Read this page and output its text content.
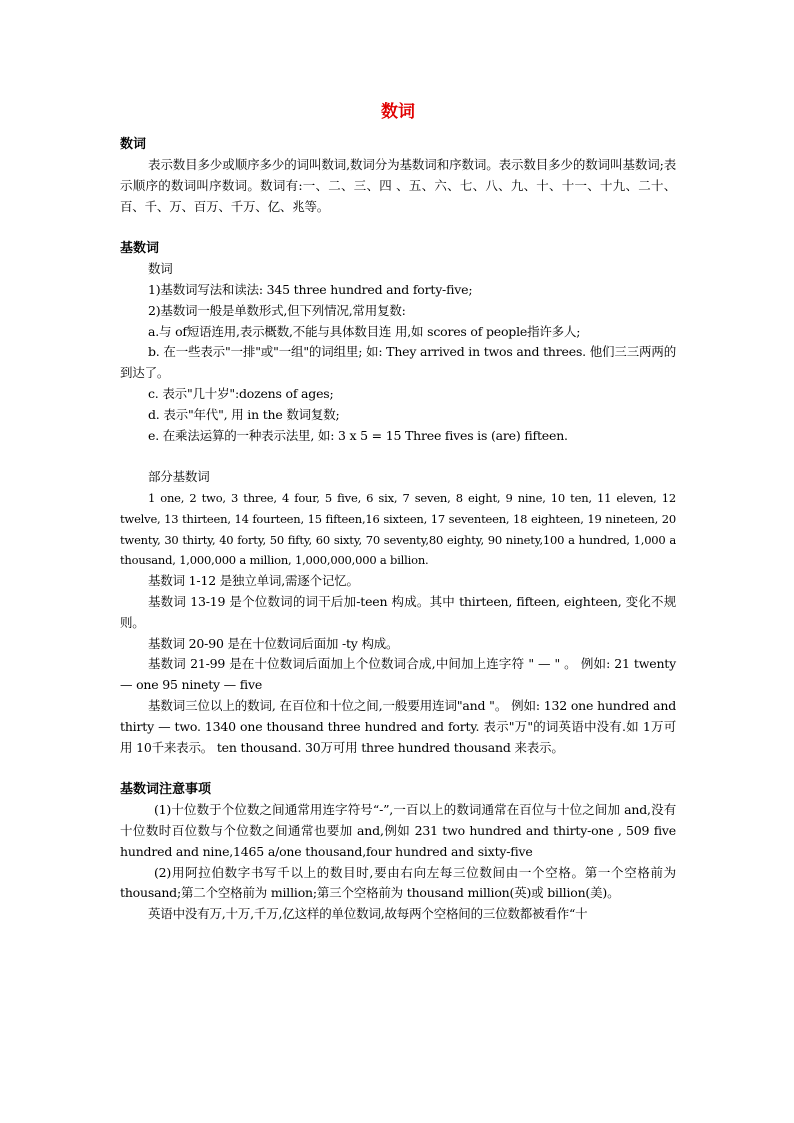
数词
数词

表示数目多少或顺序多少的词叫数词,数词分为基数词和序数词。表示数目多少的数词叫基数词;表示顺序的数词叫序数词。数词有:一、二、三、四 、五、六、七、八、九、十、十一、十九、二十、百、千、万、百万、千万、亿、兆等。

基数词

数词

1)基数词写法和读法: 345 three hundred and forty-five;

2)基数词一般是单数形式,但下列情况,常用复数:

a.与 of短语连用,表示概数,不能与具体数目连 用,如 scores of people指许多人;

b. 在一些表示"一排"或"一组"的词组里; 如: They arrived in twos and threes. 他们三三两两的到达了。

c. 表示"几十岁":dozens of ages;

d. 表示"年代", 用 in the 数词复数;

e. 在乘法运算的一种表示法里, 如: 3 x 5 = 15 Three fives is (are) fifteen.

部分基数词

1 one, 2 two, 3 three, 4 four, 5 five, 6 six, 7 seven, 8 eight, 9 nine, 10 ten, 11 eleven, 12 twelve, 13 thirteen, 14 fourteen, 15 fifteen,16 sixteen, 17 seventeen, 18 eighteen, 19 nineteen, 20 twenty, 30 thirty, 40 forty, 50 fifty, 60 sixty, 70 seventy,80 eighty, 90 ninety,100 a hundred, 1,000 a thousand, 1,000,000 a million, 1,000,000,000 a billion.

基数词 1-12 是独立单词,需逐个记忆。

基数词 13-19 是个位数词的词干后加-teen 构成。其中 thirteen, fifteen, eighteen, 变化不规则。

基数词 20-90 是在十位数词后面加 -ty 构成。

基数词 21-99 是在十位数词后面加上个位数词合成,中间加上连字符 " — " 。 例如: 21 twenty — one 95 ninety — five

基数词三位以上的数词, 在百位和十位之间,一般要用连词"and "。 例如: 132 one hundred and thirty — two. 1340 one thousand three hundred and forty. 表示"万"的词英语中没有.如 1万可用 10千来表示。 ten thousand. 30万可用 three hundred thousand 来表示。

基数词注意事项

(1)十位数于个位数之间通常用连字符号“-”,一百以上的数词通常在百位与十位之间加 and,没有十位数时百位数与个位数之间通常也要加 and,例如 231 two hundred and thirty-one , 509 five hundred and nine,1465 a/one thousand,four hundred and sixty-five

(2)用阿拉伯数字书写千以上的数目时,要由右向左每三位数间由一个空格。第一个空格前为 thousand;第二个空格前为 million;第三个空格前为 thousand million(英)或 billion(美)。

英语中没有万,十万,千万,亿这样的单位数词,故每两个空格间的三位数都被看作“十
